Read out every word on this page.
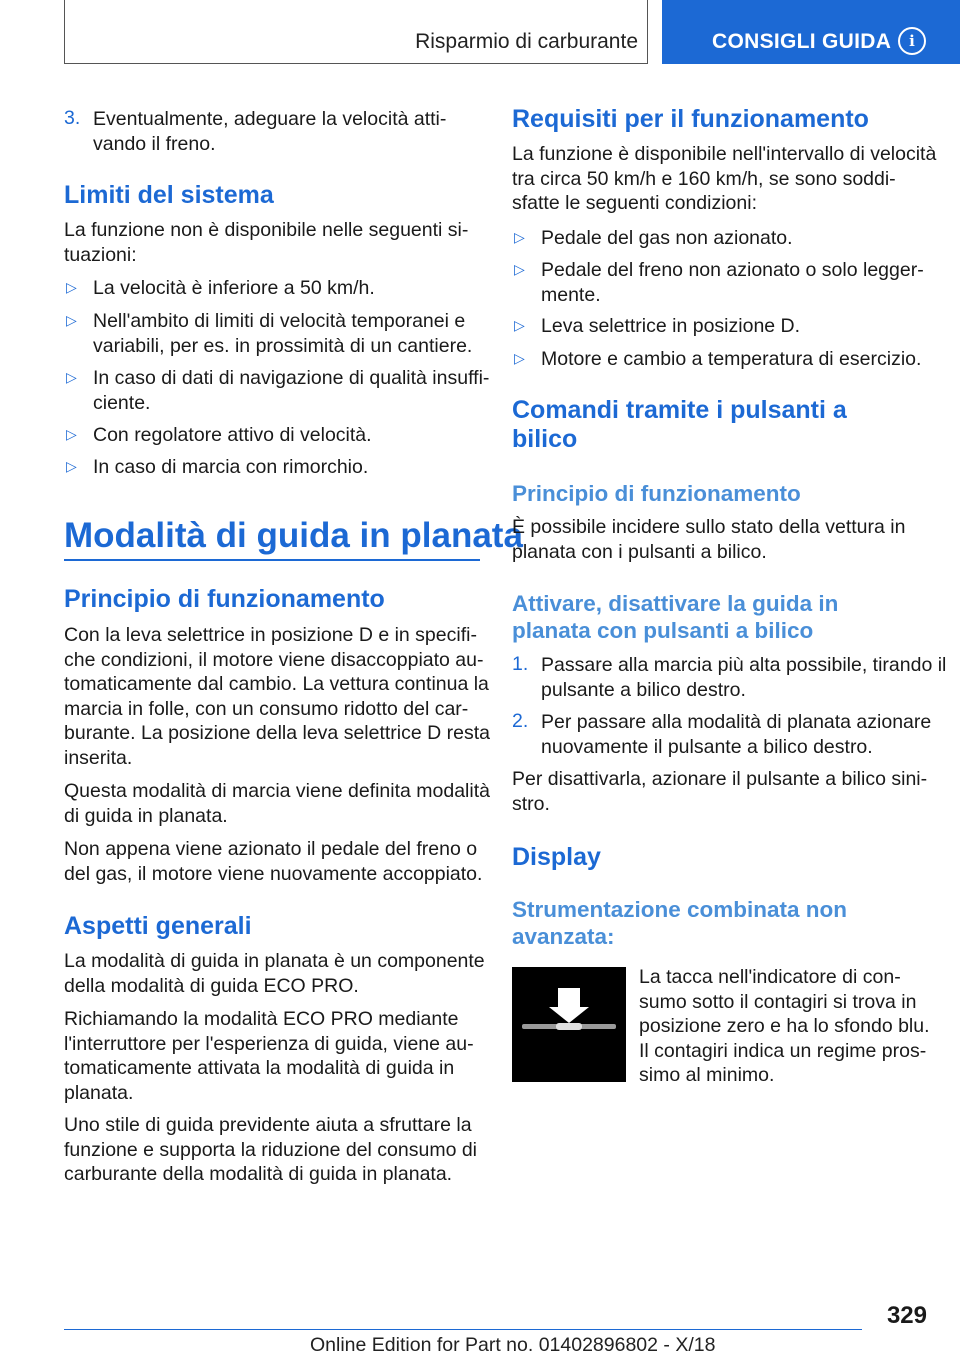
Risparmio di carburante	CONSIGLI GUIDA	i
3. Eventualmente, adeguare la velocità atti‐
vando il freno.
Limiti del sistema
La funzione non è disponibile nelle seguenti si‐
tuazioni:
▷ La velocità è inferiore a 50 km/h.
▷ Nell'ambito di limiti di velocità temporanei e
variabili, per es. in prossimità di un cantiere.
▷ In caso di dati di navigazione di qualità insuffi‐
ciente.
▷ Con regolatore attivo di velocità.
▷ In caso di marcia con rimorchio.
Modalità di guida in planata
Principio di funzionamento
Con la leva selettrice in posizione D e in specifi‐
che condizioni, il motore viene disaccoppiato au‐
tomaticamente dal cambio. La vettura continua la
marcia in folle, con un consumo ridotto del car‐
burante. La posizione della leva selettrice D resta
inserita.
Questa modalità di marcia viene definita modalità
di guida in planata.
Non appena viene azionato il pedale del freno o
del gas, il motore viene nuovamente accoppiato.
Aspetti generali
La modalità di guida in planata è un componente
della modalità di guida ECO PRO.
Richiamando la modalità ECO PRO mediante
l'interruttore per l'esperienza di guida, viene au‐
tomaticamente attivata la modalità di guida in
planata.
Uno stile di guida previdente aiuta a sfruttare la
funzione e supporta la riduzione del consumo di
carburante della modalità di guida in planata.
Requisiti per il funzionamento
La funzione è disponibile nell'intervallo di velocità
tra circa 50 km/h e 160 km/h, se sono soddi‐
sfatte le seguenti condizioni:
▷ Pedale del gas non azionato.
▷ Pedale del freno non azionato o solo legger‐
mente.
▷ Leva selettrice in posizione D.
▷ Motore e cambio a temperatura di esercizio.
Comandi tramite i pulsanti a
bilico
Principio di funzionamento
È possibile incidere sullo stato della vettura in
planata con i pulsanti a bilico.
Attivare, disattivare la guida in
planata con pulsanti a bilico
1. Passare alla marcia più alta possibile, tirando il
pulsante a bilico destro.
2. Per passare alla modalità di planata azionare
nuovamente il pulsante a bilico destro.
Per disattivarla, azionare il pulsante a bilico sini‐
stro.
Display
Strumentazione combinata non
avanzata:
La tacca nell'indicatore di con‐
sumo sotto il contagiri si trova in
posizione zero e ha lo sfondo blu.
Il contagiri indica un regime pros‐
simo al minimo.
329
Online Edition for Part no. 01402896802 - X/18
